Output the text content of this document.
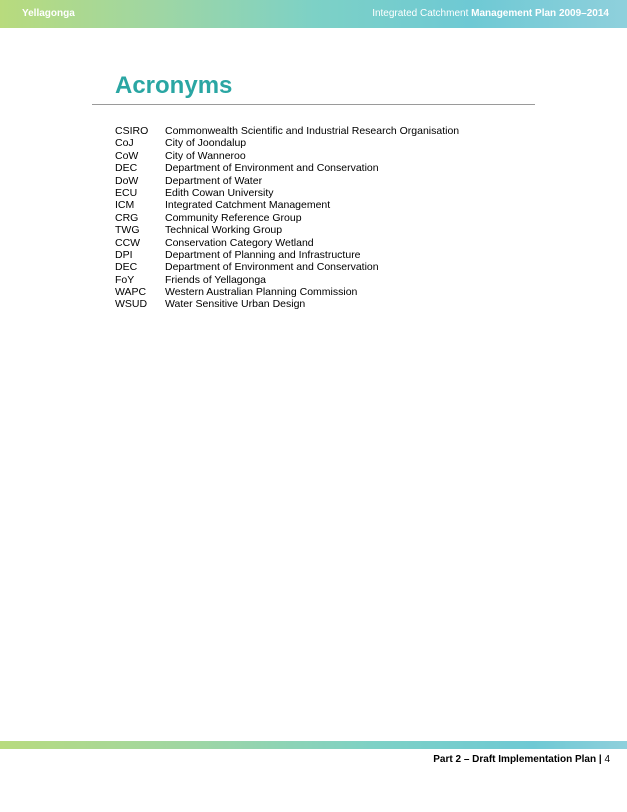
Yellagonga	Integrated Catchment Management Plan 2009–2014
Acronyms
CSIRO	Commonwealth Scientific and Industrial Research Organisation
CoJ	City of Joondalup
CoW	City of Wanneroo
DEC	Department of Environment and Conservation
DoW	Department of Water
ECU	Edith Cowan University
ICM	Integrated Catchment Management
CRG	Community Reference Group
TWG	Technical Working Group
CCW	Conservation Category Wetland
DPI	Department of Planning and Infrastructure
DEC	Department of Environment and Conservation
FoY	Friends of Yellagonga
WAPC	Western Australian Planning Commission
WSUD	Water Sensitive Urban Design
Part 2 – Draft Implementation Plan | 4
